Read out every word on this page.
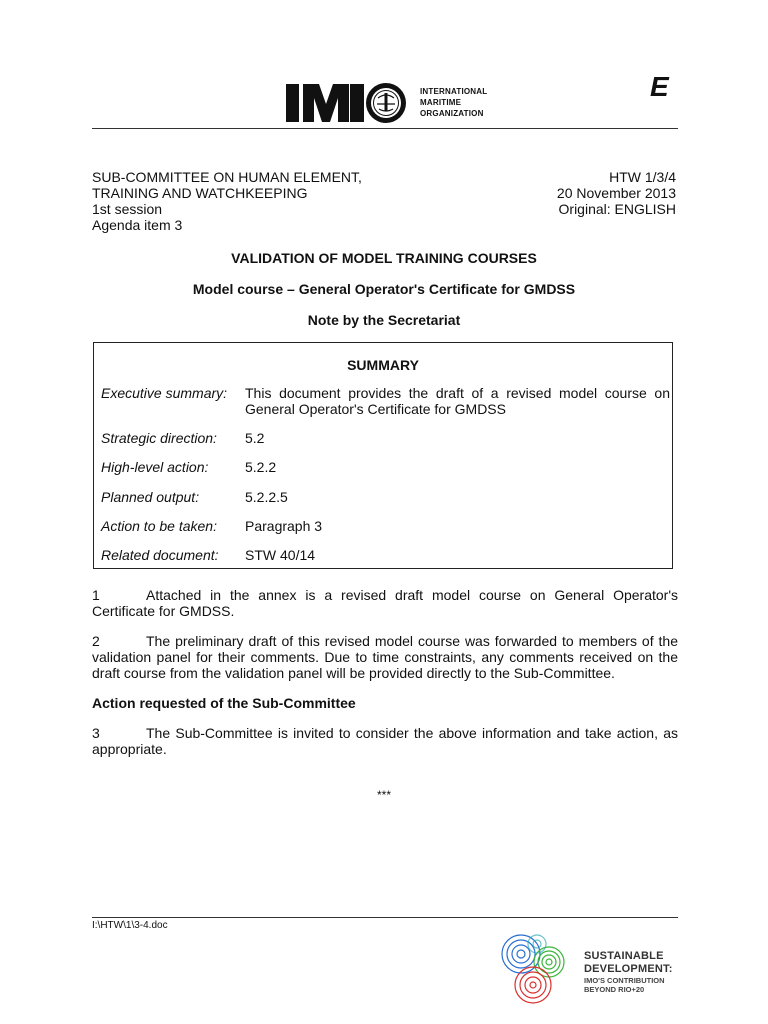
INTERNATIONAL
MARITIME
ORGANIZATION
E
SUB-COMMITTEE ON HUMAN ELEMENT,
TRAINING AND WATCHKEEPING
1st session
Agenda item 3
HTW 1/3/4
20 November 2013
Original: ENGLISH
VALIDATION OF MODEL TRAINING COURSES
Model course – General Operator's Certificate for GMDSS
Note by the Secretariat
SUMMARY
Executive summary: This document provides the draft of a revised model course on General Operator's Certificate for GMDSS
Strategic direction: 5.2
High-level action:	5.2.2
Planned output:	5.2.2.5
Action to be taken: Paragraph 3
Related document: STW 40/14
1	Attached in the annex is a revised draft model course on General Operator's Certificate for GMDSS.
2	The preliminary draft of this revised model course was forwarded to members of the validation panel for their comments. Due to time constraints, any comments received on the draft course from the validation panel will be provided directly to the Sub-Committee.
Action requested of the Sub-Committee
3	The Sub-Committee is invited to consider the above information and take action, as appropriate.
***
I:\HTW\1\3-4.doc
SUSTAINABLE
DEVELOPMENT:
IMO'S CONTRIBUTION
BEYOND RIO+20
